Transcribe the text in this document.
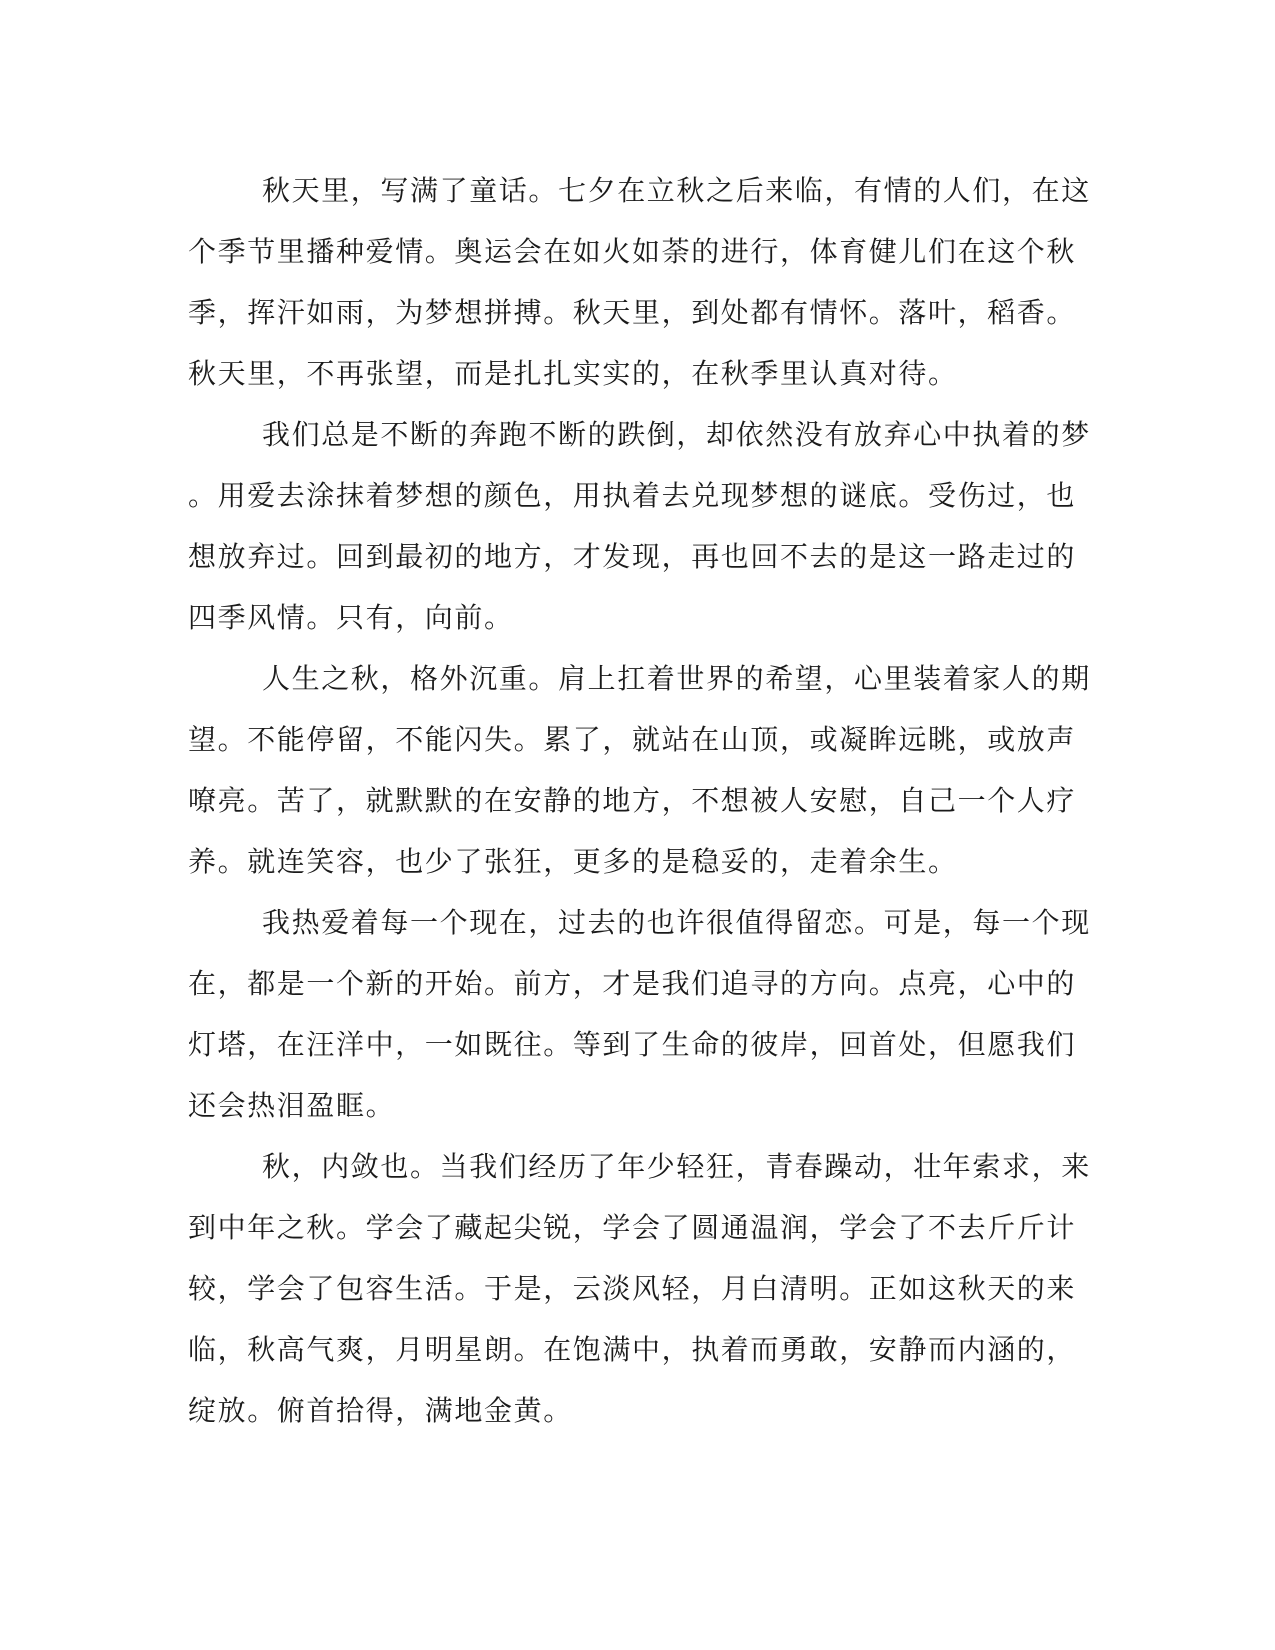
秋天里，写满了童话。七夕在立秋之后来临，有情的人们，在这
个季节里播种爱情。奥运会在如火如荼的进行，体育健儿们在这个秋
季，挥汗如雨，为梦想拼搏。秋天里，到处都有情怀。落叶，稻香。
秋天里，不再张望，而是扎扎实实的，在秋季里认真对待。
我们总是不断的奔跑不断的跌倒，却依然没有放弃心中执着的梦
。用爱去涂抹着梦想的颜色，用执着去兑现梦想的谜底。受伤过，也
想放弃过。回到最初的地方，才发现，再也回不去的是这一路走过的
四季风情。只有，向前。
人生之秋，格外沉重。肩上扛着世界的希望，心里装着家人的期
望。不能停留，不能闪失。累了，就站在山顶，或凝眸远眺，或放声
嘹亮。苦了，就默默的在安静的地方，不想被人安慰，自己一个人疗
养。就连笑容，也少了张狂，更多的是稳妥的，走着余生。
我热爱着每一个现在，过去的也许很值得留恋。可是，每一个现
在，都是一个新的开始。前方，才是我们追寻的方向。点亮，心中的
灯塔，在汪洋中，一如既往。等到了生命的彼岸，回首处，但愿我们
还会热泪盈眶。
秋，内敛也。当我们经历了年少轻狂，青春躁动，壮年索求，来
到中年之秋。学会了藏起尖锐，学会了圆通温润，学会了不去斤斤计
较，学会了包容生活。于是，云淡风轻，月白清明。正如这秋天的来
临，秋高气爽，月明星朗。在饱满中，执着而勇敢，安静而内涵的，
绽放。俯首拾得，满地金黄。
